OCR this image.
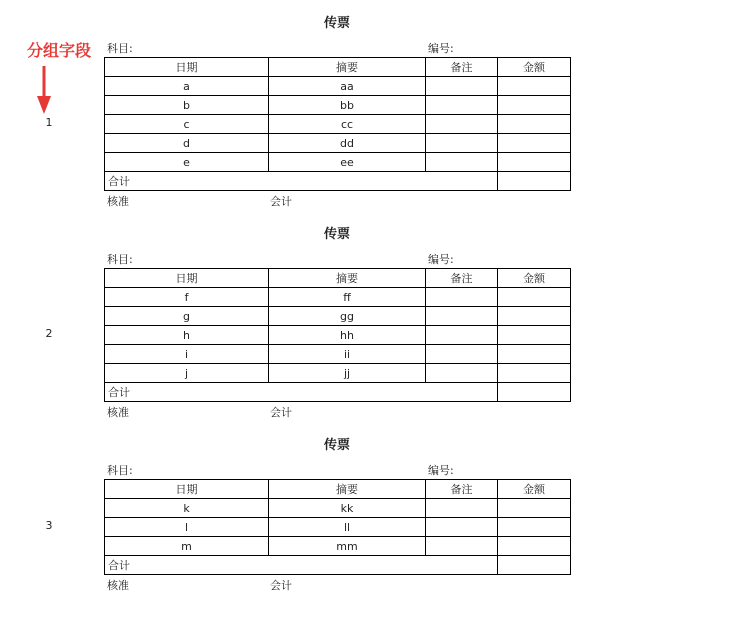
分组字段
1
传票
科目:	编号:
日期	摘要	备注	金额
a	aa		
b	bb		
c	cc		
d	dd		
e	ee		
合计			
核准	会计
2
传票
科目:	编号:
日期	摘要	备注	金额
f	ff		
g	gg		
h	hh		
i	ii		
j	jj		
合计			
核准	会计
3
传票
科目:	编号:
日期	摘要	备注	金额
k	kk		
l	ll		
m	mm		
合计			
核准	会计
